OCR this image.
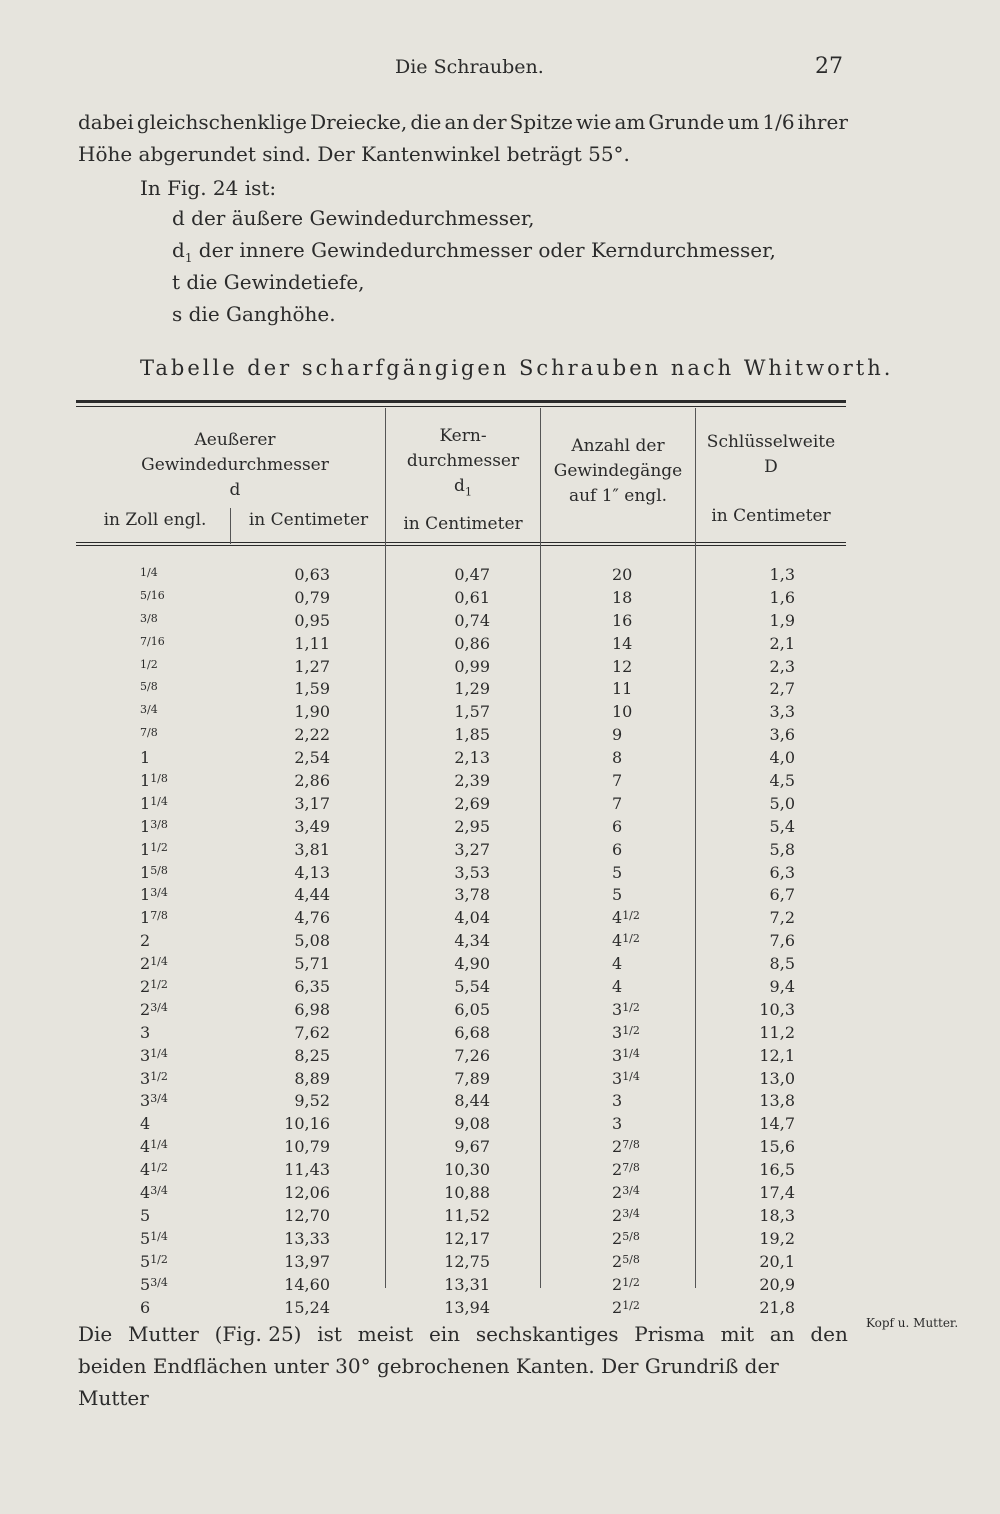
Die Schrauben.	27
dabei gleichschenklige Dreiecke, die an der Spitze wie am Grunde um 1/6 ihrer
Höhe abgerundet sind. Der Kantenwinkel beträgt 55°.
In Fig. 24 ist:
d der äußere Gewindedurchmesser,
$d_1$ der innere Gewindedurchmesser oder Kerndurchmesser,
t die Gewindetiefe,
s die Ganghöhe.
Tabelle der scharfgängigen Schrauben nach Whitworth.
Aeußerer
Gewindedurchmesser
d
in Zoll engl.	in Centimeter
Kern-
durchmesser
$d_1$
in Centimeter
Anzahl der
Gewindegänge
auf 1″ engl.
Schlüsselweite
D
in Centimeter
$^{1/4}$
$^{5/16}$
$^{3/8}$
$^{7/16}$
$^{1/2}$
$^{5/8}$
$^{3/4}$
$^{7/8}$
1
$1^{1/8}$
$1^{1/4}$
$1^{3/8}$
$1^{1/2}$
$1^{5/8}$
$1^{3/4}$
$1^{7/8}$
2
$2^{1/4}$
$2^{1/2}$
$2^{3/4}$
3
$3^{1/4}$
$3^{1/2}$
$3^{3/4}$
4
$4^{1/4}$
$4^{1/2}$
$4^{3/4}$
5
$5^{1/4}$
$5^{1/2}$
$5^{3/4}$
6
0,63
0,79
0,95
1,11
1,27
1,59
1,90
2,22
2,54
2,86
3,17
3,49
3,81
4,13
4,44
4,76
5,08
5,71
6,35
6,98
7,62
8,25
8,89
9,52
10,16
10,79
11,43
12,06
12,70
13,33
13,97
14,60
15,24
0,47
0,61
0,74
0,86
0,99
1,29
1,57
1,85
2,13
2,39
2,69
2,95
3,27
3,53
3,78
4,04
4,34
4,90
5,54
6,05
6,68
7,26
7,89
8,44
9,08
9,67
10,30
10,88
11,52
12,17
12,75
13,31
13,94
20
18
16
14
12
11
10
9
8
7
7
6
6
5
5
$4^{1/2}$
$4^{1/2}$
4
4
$3^{1/2}$
$3^{1/2}$
$3^{1/4}$
$3^{1/4}$
3
3
$2^{7/8}$
$2^{7/8}$
$2^{3/4}$
$2^{3/4}$
$2^{5/8}$
$2^{5/8}$
$2^{1/2}$
$2^{1/2}$
1,3
1,6
1,9
2,1
2,3
2,7
3,3
3,6
4,0
4,5
5,0
5,4
5,8
6,3
6,7
7,2
7,6
8,5
9,4
10,3
11,2
12,1
13,0
13,8
14,7
15,6
16,5
17,4
18,3
19,2
20,1
20,9
21,8
Die Mutter (Fig. 25) ist meist ein sechskantiges Prisma mit an den
beiden Endflächen unter 30° gebrochenen Kanten. Der Grundriß der Mutter
Kopf u. Mutter.
